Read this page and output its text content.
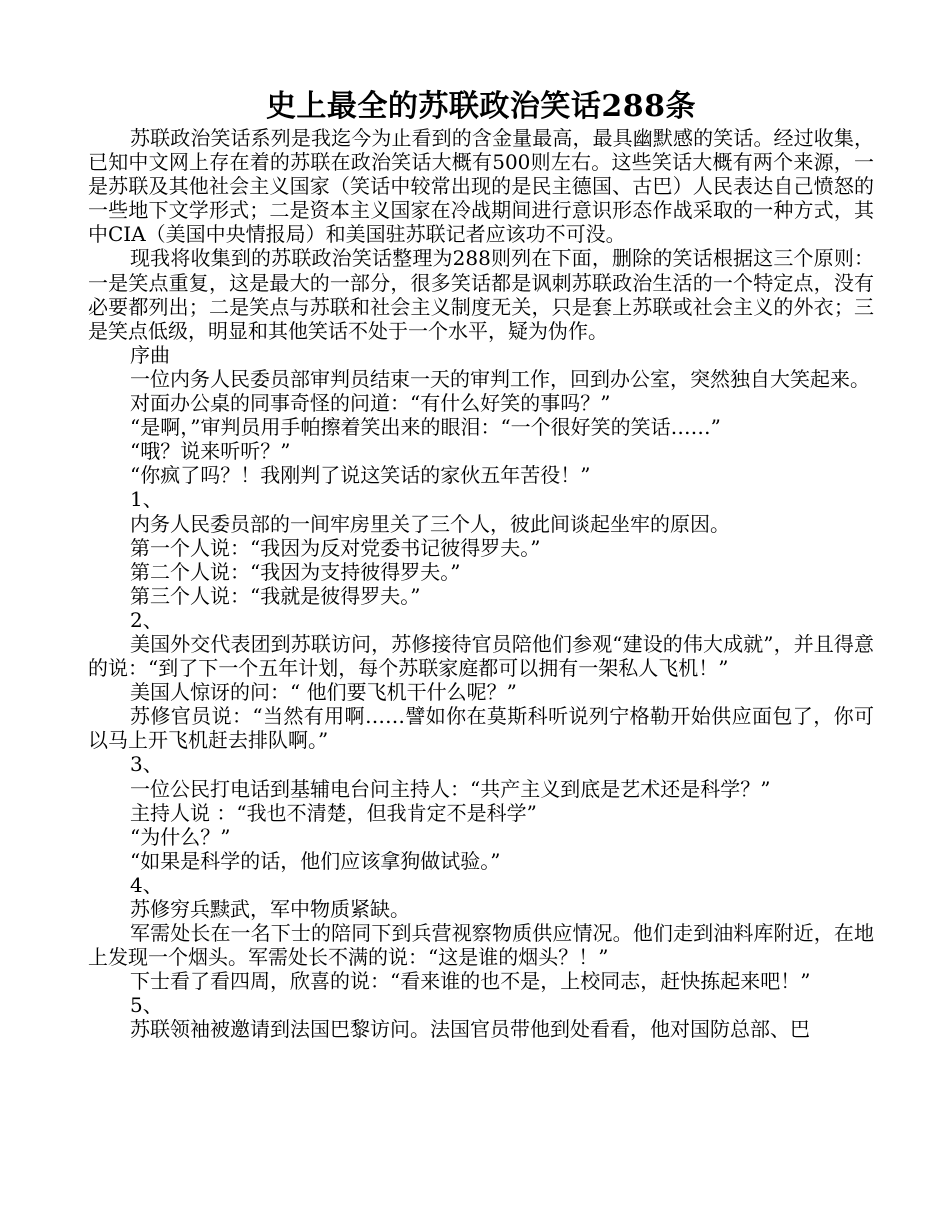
史上最全的苏联政治笑话288条

苏联政治笑话系列是我迄今为止看到的含金量最高，最具幽默感的笑话。经过收集，已知中文网上存在着的苏联在政治笑话大概有500则左右。这些笑话大概有两个来源，一是苏联及其他社会主义国家（笑话中较常出现的是民主德国、古巴）人民表达自己愤怒的一些地下文学形式；二是资本主义国家在冷战期间进行意识形态作战采取的一种方式，其中CIA（美国中央情报局）和美国驻苏联记者应该功不可没。

现我将收集到的苏联政治笑话整理为288则列在下面，删除的笑话根据这三个原则：一是笑点重复，这是最大的一部分，很多笑话都是讽刺苏联政治生活的一个特定点，没有必要都列出；二是笑点与苏联和社会主义制度无关，只是套上苏联或社会主义的外衣；三是笑点低级，明显和其他笑话不处于一个水平，疑为伪作。

序曲

一位内务人民委员部审判员结束一天的审判工作，回到办公室，突然独自大笑起来。

对面办公桌的同事奇怪的问道：“有什么好笑的事吗？”

“是啊，”审判员用手帕擦着笑出来的眼泪：“一个很好笑的笑话……”

“哦？说来听听？”

“你疯了吗？！我刚判了说这笑话的家伙五年苦役！”

1、

内务人民委员部的一间牢房里关了三个人，彼此间谈起坐牢的原因。

第一个人说：“我因为反对党委书记彼得罗夫。”

第二个人说：“我因为支持彼得罗夫。”

第三个人说：“我就是彼得罗夫。”

2、

美国外交代表团到苏联访问，苏修接待官员陪他们参观“建设的伟大成就”，并且得意的说：“到了下一个五年计划，每个苏联家庭都可以拥有一架私人飞机！”

美国人惊讶的问：“ 他们要飞机干什么呢？”

苏修官员说：“当然有用啊……譬如你在莫斯科听说列宁格勒开始供应面包了，你可以马上开飞机赶去排队啊。”

3、

一位公民打电话到基辅电台问主持人：“共产主义到底是艺术还是科学？”

主持人说 ：“我也不清楚，但我肯定不是科学”

“为什么？”

“如果是科学的话，他们应该拿狗做试验。”

4、

苏修穷兵黩武，军中物质紧缺。

军需处长在一名下士的陪同下到兵营视察物质供应情况。他们走到油料库附近，在地上发现一个烟头。军需处长不满的说：“这是谁的烟头？！”

下士看了看四周，欣喜的说：“看来谁的也不是，上校同志，赶快拣起来吧！”

5、

苏联领袖被邀请到法国巴黎访问。法国官员带他到处看看，他对国防总部、巴
